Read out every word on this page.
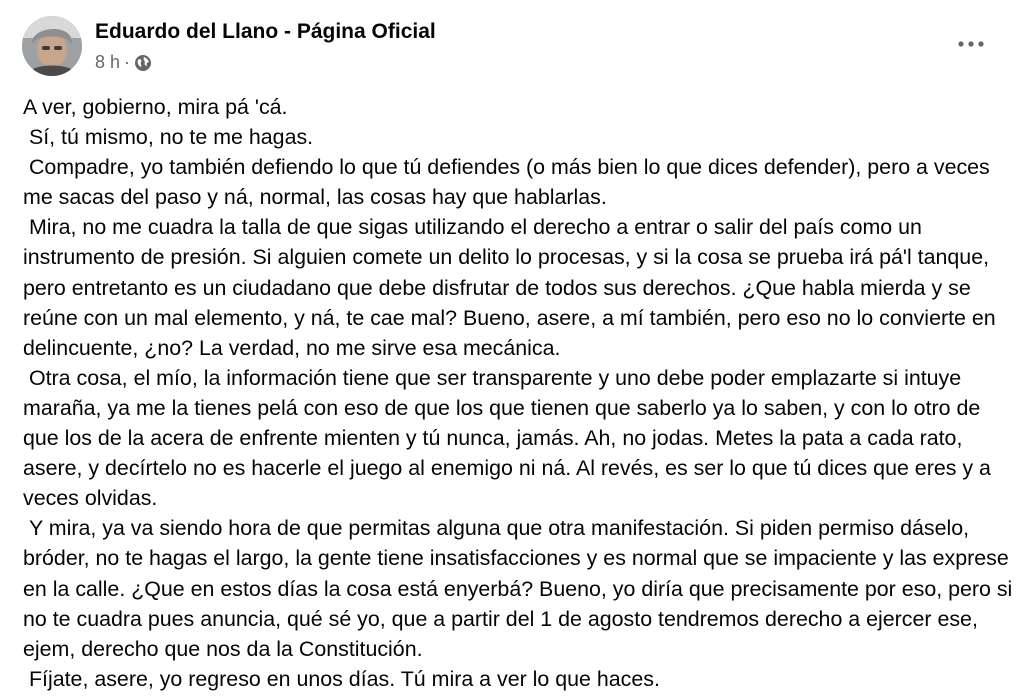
Eduardo del Llano - Página Oficial
8 h ·

A ver, gobierno, mira pá 'cá.

Sí, tú mismo, no te me hagas.

Compadre, yo también defiendo lo que tú defiendes (o más bien lo que dices defender), pero a veces me sacas del paso y ná, normal, las cosas hay que hablarlas.

Mira, no me cuadra la talla de que sigas utilizando el derecho a entrar o salir del país como un instrumento de presión. Si alguien comete un delito lo procesas, y si la cosa se prueba irá pá'l tanque, pero entretanto es un ciudadano que debe disfrutar de todos sus derechos. ¿Que habla mierda y se reúne con un mal elemento, y ná, te cae mal? Bueno, asere, a mí también, pero eso no lo convierte en delincuente, ¿no? La verdad, no me sirve esa mecánica.

Otra cosa, el mío, la información tiene que ser transparente y uno debe poder emplazarte si intuye maraña, ya me la tienes pelá con eso de que los que tienen que saberlo ya lo saben, y con lo otro de que los de la acera de enfrente mienten y tú nunca, jamás. Ah, no jodas. Metes la pata a cada rato, asere, y decírtelo no es hacerle el juego al enemigo ni ná. Al revés, es ser lo que tú dices que eres y a veces olvidas.

Y mira, ya va siendo hora de que permitas alguna que otra manifestación. Si piden permiso dáselo, bróder, no te hagas el largo, la gente tiene insatisfacciones y es normal que se impaciente y las exprese en la calle. ¿Que en estos días la cosa está enyerbá? Bueno, yo diría que precisamente por eso, pero si no te cuadra pues anuncia, qué sé yo, que a partir del 1 de agosto tendremos derecho a ejercer ese, ejem, derecho que nos da la Constitución.

Fíjate, asere, yo regreso en unos días. Tú mira a ver lo que haces.
